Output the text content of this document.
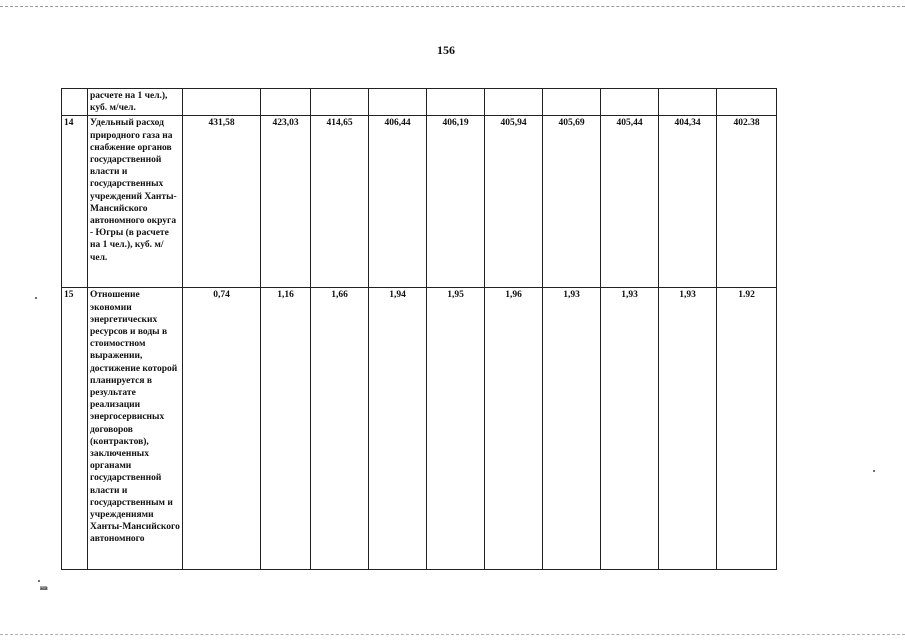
156
	расчете на 1 чел.), куб. м/чел.										
14	Удельный расход природного газа на снабжение органов государственной власти и государственных учреждений Ханты-Мансийского автономного округа - Югры (в расчете на 1 чел.), куб. м/чел.	431,58	423,03	414,65	406,44	406,19	405,94	405,69	405,44	404,34	402.38
15	Отношение экономии энергетических ресурсов и воды в стоимостном выражении, достижение которой планируется в результате реализации энергосервисных договоров (контрактов), заключенных органами государственной власти и государственным и учреждениями Ханты-Мансийского автономного	0,74	1,16	1,66	1,94	1,95	1,96	1,93	1,93	1,93	1.92
нв
